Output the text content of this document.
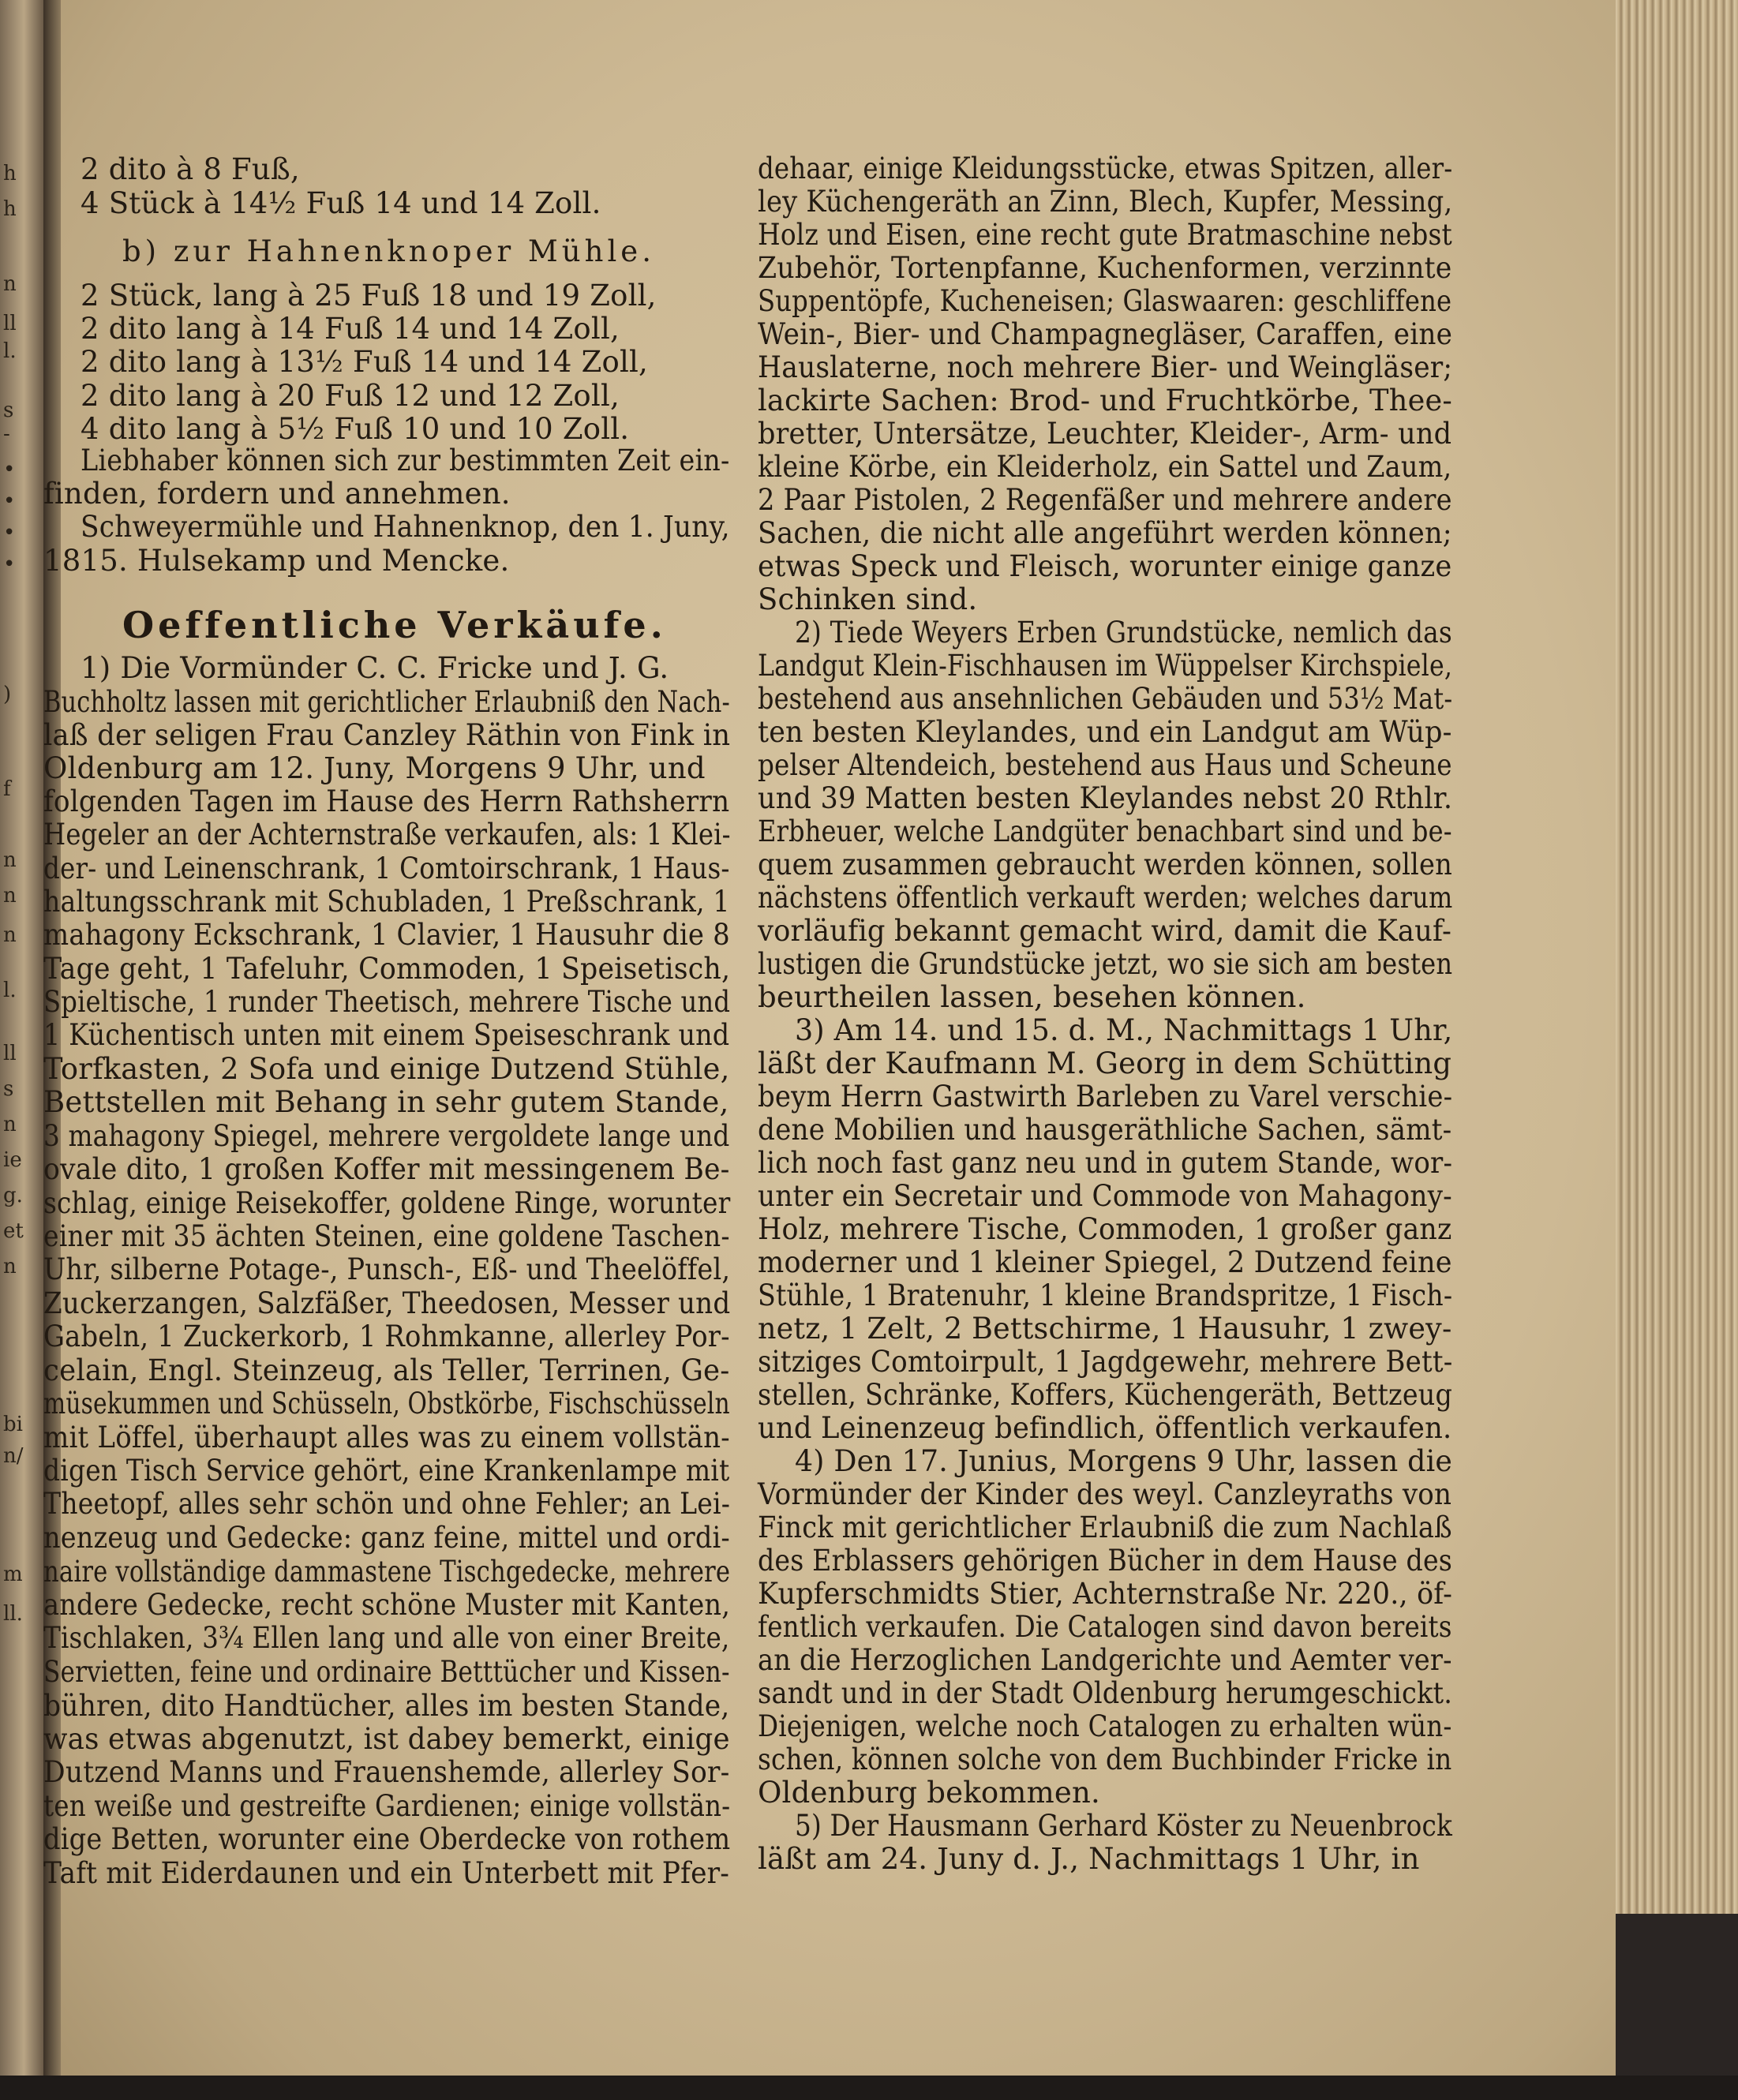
h
h
n
ll
l.
s
-
•
•
•
•
)
f
n
n
n
l.
ll
s
n
ie
g.
et
n
bi
n/
m
ll.
2 dito à 8 Fuß,
4 Stück à 14½ Fuß 14 und 14 Zoll.
b) zur Hahnenknoper Mühle.
2 Stück, lang à 25 Fuß 18 und 19 Zoll,
2 dito lang à 14 Fuß 14 und 14 Zoll,
2 dito lang à 13½ Fuß 14 und 14 Zoll,
2 dito lang à 20 Fuß 12 und 12 Zoll,
4 dito lang à 5½ Fuß 10 und 10 Zoll.
Liebhaber können sich zur bestimmten Zeit ein-
finden, fordern und annehmen.
Schweyermühle und Hahnenknop, den 1. Juny,
1815. Hulsekamp und Mencke.
Oeffentliche Verkäufe.
1) Die Vormünder C. C. Fricke und J. G.
Buchholtz lassen mit gerichtlicher Erlaubniß den Nach-
laß der seligen Frau Canzley Räthin von Fink in
Oldenburg am 12. Juny, Morgens 9 Uhr, und
folgenden Tagen im Hause des Herrn Rathsherrn
Hegeler an der Achternstraße verkaufen, als: 1 Klei-
der- und Leinenschrank, 1 Comtoirschrank, 1 Haus-
haltungsschrank mit Schubladen, 1 Preßschrank, 1
mahagony Eckschrank, 1 Clavier, 1 Hausuhr die 8
Tage geht, 1 Tafeluhr, Commoden, 1 Speisetisch,
Spieltische, 1 runder Theetisch, mehrere Tische und
1 Küchentisch unten mit einem Speiseschrank und
Torfkasten, 2 Sofa und einige Dutzend Stühle,
Bettstellen mit Behang in sehr gutem Stande,
3 mahagony Spiegel, mehrere vergoldete lange und
ovale dito, 1 großen Koffer mit messingenem Be-
schlag, einige Reisekoffer, goldene Ringe, worunter
einer mit 35 ächten Steinen, eine goldene Taschen-
Uhr, silberne Potage-, Punsch-, Eß- und Theelöffel,
Zuckerzangen, Salzfäßer, Theedosen, Messer und
Gabeln, 1 Zuckerkorb, 1 Rohmkanne, allerley Por-
celain, Engl. Steinzeug, als Teller, Terrinen, Ge-
müsekummen und Schüsseln, Obstkörbe, Fischschüsseln
mit Löffel, überhaupt alles was zu einem vollstän-
digen Tisch Service gehört, eine Krankenlampe mit
Theetopf, alles sehr schön und ohne Fehler; an Lei-
nenzeug und Gedecke: ganz feine, mittel und ordi-
naire vollständige dammastene Tischgedecke, mehrere
andere Gedecke, recht schöne Muster mit Kanten,
Tischlaken, 3¾ Ellen lang und alle von einer Breite,
Servietten, feine und ordinaire Betttücher und Kissen-
bühren, dito Handtücher, alles im besten Stande,
was etwas abgenutzt, ist dabey bemerkt, einige
Dutzend Manns und Frauenshemde, allerley Sor-
ten weiße und gestreifte Gardienen; einige vollstän-
dige Betten, worunter eine Oberdecke von rothem
Taft mit Eiderdaunen und ein Unterbett mit Pfer-
dehaar, einige Kleidungsstücke, etwas Spitzen, aller-
ley Küchengeräth an Zinn, Blech, Kupfer, Messing,
Holz und Eisen, eine recht gute Bratmaschine nebst
Zubehör, Tortenpfanne, Kuchenformen, verzinnte
Suppentöpfe, Kucheneisen; Glaswaaren: geschliffene
Wein-, Bier- und Champagnegläser, Caraffen, eine
Hauslaterne, noch mehrere Bier- und Weingläser;
lackirte Sachen: Brod- und Fruchtkörbe, Thee-
bretter, Untersätze, Leuchter, Kleider-, Arm- und
kleine Körbe, ein Kleiderholz, ein Sattel und Zaum,
2 Paar Pistolen, 2 Regenfäßer und mehrere andere
Sachen, die nicht alle angeführt werden können;
etwas Speck und Fleisch, worunter einige ganze
Schinken sind.
2) Tiede Weyers Erben Grundstücke, nemlich das
Landgut Klein-Fischhausen im Wüppelser Kirchspiele,
bestehend aus ansehnlichen Gebäuden und 53½ Mat-
ten besten Kleylandes, und ein Landgut am Wüp-
pelser Altendeich, bestehend aus Haus und Scheune
und 39 Matten besten Kleylandes nebst 20 Rthlr.
Erbheuer, welche Landgüter benachbart sind und be-
quem zusammen gebraucht werden können, sollen
nächstens öffentlich verkauft werden; welches darum
vorläufig bekannt gemacht wird, damit die Kauf-
lustigen die Grundstücke jetzt, wo sie sich am besten
beurtheilen lassen, besehen können.
3) Am 14. und 15. d. M., Nachmittags 1 Uhr,
läßt der Kaufmann M. Georg in dem Schütting
beym Herrn Gastwirth Barleben zu Varel verschie-
dene Mobilien und hausgeräthliche Sachen, sämt-
lich noch fast ganz neu und in gutem Stande, wor-
unter ein Secretair und Commode von Mahagony-
Holz, mehrere Tische, Commoden, 1 großer ganz
moderner und 1 kleiner Spiegel, 2 Dutzend feine
Stühle, 1 Bratenuhr, 1 kleine Brandspritze, 1 Fisch-
netz, 1 Zelt, 2 Bettschirme, 1 Hausuhr, 1 zwey-
sitziges Comtoirpult, 1 Jagdgewehr, mehrere Bett-
stellen, Schränke, Koffers, Küchengeräth, Bettzeug
und Leinenzeug befindlich, öffentlich verkaufen.
4) Den 17. Junius, Morgens 9 Uhr, lassen die
Vormünder der Kinder des weyl. Canzleyraths von
Finck mit gerichtlicher Erlaubniß die zum Nachlaß
des Erblassers gehörigen Bücher in dem Hause des
Kupferschmidts Stier, Achternstraße Nr. 220., öf-
fentlich verkaufen. Die Catalogen sind davon bereits
an die Herzoglichen Landgerichte und Aemter ver-
sandt und in der Stadt Oldenburg herumgeschickt.
Diejenigen, welche noch Catalogen zu erhalten wün-
schen, können solche von dem Buchbinder Fricke in
Oldenburg bekommen.
5) Der Hausmann Gerhard Köster zu Neuenbrock
läßt am 24. Juny d. J., Nachmittags 1 Uhr, in
